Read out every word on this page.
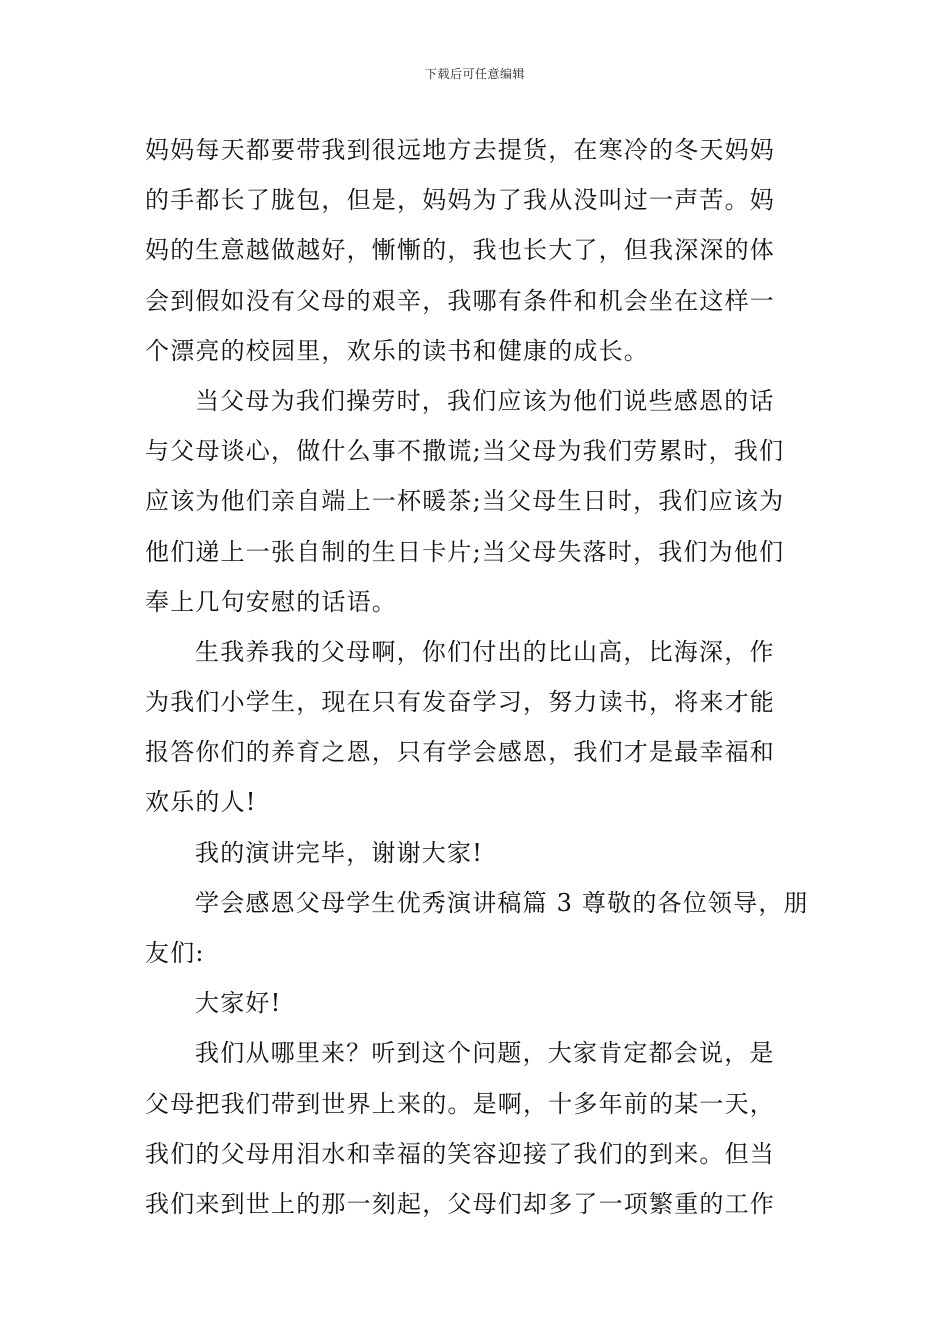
下载后可任意编辑
妈妈每天都要带我到很远地方去提货，在寒冷的冬天妈妈
的手都长了胧包，但是，妈妈为了我从没叫过一声苦。妈
妈的生意越做越好，慚慚的，我也长大了，但我深深的体
会到假如没有父母的艰辛，我哪有条件和机会坐在这样一
个漂亮的校园里，欢乐的读书和健康的成长。
当父母为我们操劳时，我们应该为他们说些感恩的话
与父母谈心，做什么事不撒谎;当父母为我们劳累时，我们
应该为他们亲自端上一杯暖茶;当父母生日时，我们应该为
他们递上一张自制的生日卡片;当父母失落时，我们为他们
奉上几句安慰的话语。
生我养我的父母啊，你们付出的比山高，比海深，作
为我们小学生，现在只有发奋学习，努力读书，将来才能
报答你们的养育之恩，只有学会感恩，我们才是最幸福和
欢乐的人!
我的演讲完毕，谢谢大家!
学会感恩父母学生优秀演讲稿篇 3 尊敬的各位领导，朋
友们:
大家好!
我们从哪里来？听到这个问题，大家肯定都会说，是
父母把我们带到世界上来的。是啊，十多年前的某一天，
我们的父母用泪水和幸福的笑容迎接了我们的到来。但当
我们来到世上的那一刻起，父母们却多了一项繁重的工作
